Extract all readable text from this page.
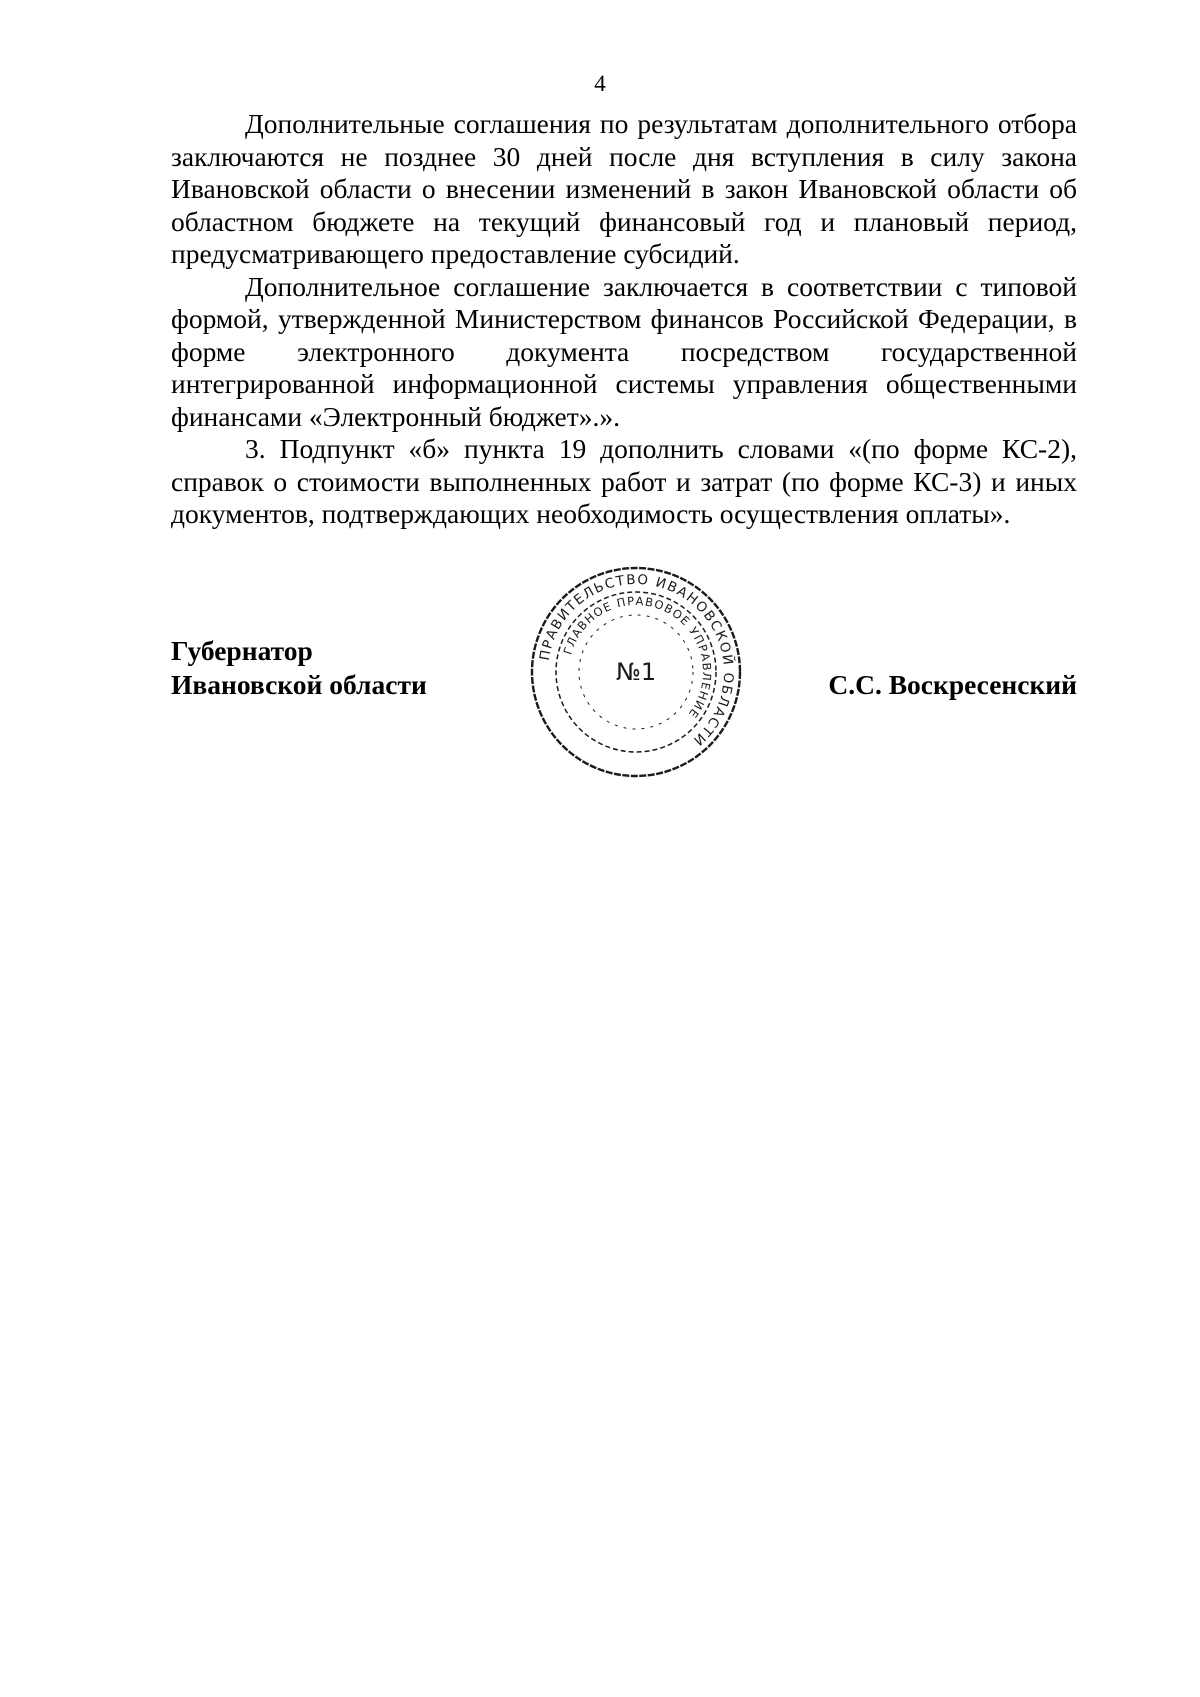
4

Дополнительные соглашения по результатам дополнительного отбора заключаются не позднее 30 дней после дня вступления в силу закона Ивановской области о внесении изменений в закон Ивановской области об областном бюджете на текущий финансовый год и плановый период, предусматривающего предоставление субсидий.

Дополнительное соглашение заключается в соответствии с типовой формой, утвержденной Министерством финансов Российской Федерации, в форме электронного документа посредством государственной интегрированной информационной системы управления общественными финансами «Электронный бюджет».».

3. Подпункт «б» пункта 19 дополнить словами «(по форме КС-2), справок о стоимости выполненных работ и затрат (по форме КС-3) и иных документов, подтверждающих необходимость осуществления оплаты».

Губернатор
Ивановской области	С.С. Воскресенский
ПРАВИТЕЛЬСТВО ИВАНОВСКОЙ ОБЛАСТИ
ГЛАВНОЕ ПРАВОВОЕ УПРАВЛЕНИЕ
№1
